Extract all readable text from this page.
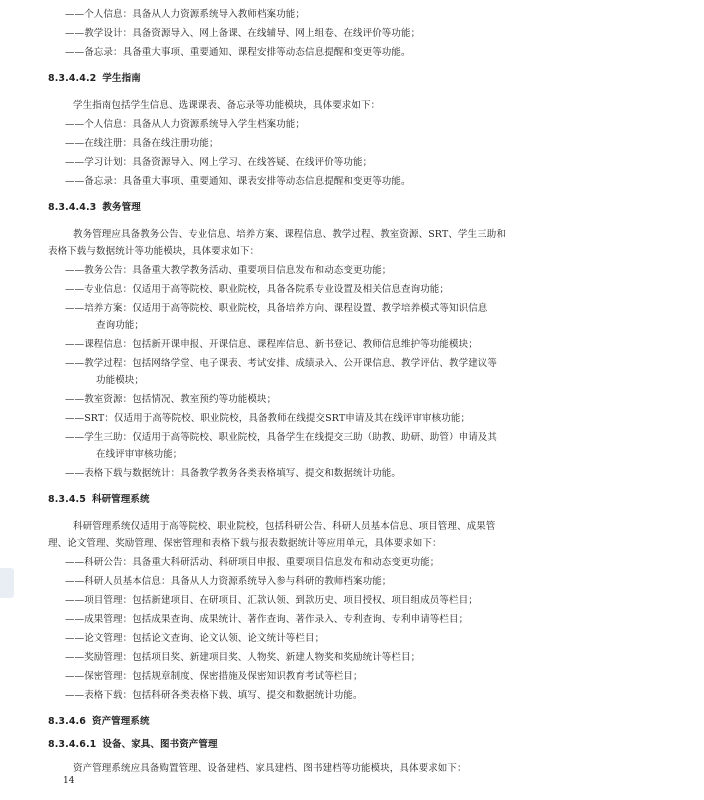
——个人信息：具备从人力资源系统导入教师档案功能；
——教学设计：具备资源导入、网上备课、在线辅导、网上组卷、在线评价等功能；
——备忘录：具备重大事项、重要通知、课程安排等动态信息提醒和变更等功能。
8.3.4.4.2 学生指南
学生指南包括学生信息、选课课表、备忘录等功能模块，具体要求如下：
——个人信息：具备从人力资源系统导入学生档案功能；
——在线注册：具备在线注册功能；
——学习计划：具备资源导入、网上学习、在线答疑、在线评价等功能；
——备忘录：具备重大事项、重要通知、课表安排等动态信息提醒和变更等功能。
8.3.4.4.3 教务管理
教务管理应具备教务公告、专业信息、培养方案、课程信息、教学过程、教室资源、SRT、学生三助和
表格下载与数据统计等功能模块，具体要求如下：
——教务公告：具备重大教学教务活动、重要项目信息发布和动态变更功能；
——专业信息：仅适用于高等院校、职业院校，具备各院系专业设置及相关信息查询功能；
——培养方案：仅适用于高等院校、职业院校，具备培养方向、课程设置、教学培养模式等知识信息
查询功能；
——课程信息：包括新开课申报、开课信息、课程库信息、新书登记、教师信息维护等功能模块；
——教学过程：包括网络学堂、电子课表、考试安排、成绩录入、公开课信息、教学评估、教学建议等
功能模块；
——教室资源：包括情况、教室预约等功能模块；
——SRT：仅适用于高等院校、职业院校，具备教师在线提交SRT申请及其在线评审审核功能；
——学生三助：仅适用于高等院校、职业院校，具备学生在线提交三助（助教、助研、助管）申请及其
在线评审审核功能；
——表格下载与数据统计：具备教学教务各类表格填写、提交和数据统计功能。
8.3.4.5 科研管理系统
科研管理系统仅适用于高等院校、职业院校，包括科研公告、科研人员基本信息、项目管理、成果管
理、论文管理、奖励管理、保密管理和表格下载与报表数据统计等应用单元，具体要求如下：
——科研公告：具备重大科研活动、科研项目申报、重要项目信息发布和动态变更功能；
——科研人员基本信息：具备从人力资源系统导入参与科研的教师档案功能；
——项目管理：包括新建项目、在研项目、汇款认领、到款历史、项目授权、项目组成员等栏目；
——成果管理：包括成果查询、成果统计、著作查询、著作录入、专利查询、专利申请等栏目；
——论文管理：包括论文查询、论文认领、论文统计等栏目；
——奖励管理：包括项目奖、新建项目奖、人物奖、新建人物奖和奖励统计等栏目；
——保密管理：包括规章制度、保密措施及保密知识教育考试等栏目；
——表格下载：包括科研各类表格下载、填写、提交和数据统计功能。
8.3.4.6 资产管理系统
8.3.4.6.1 设备、家具、图书资产管理
资产管理系统应具备购置管理、设备建档、家具建档、图书建档等功能模块，具体要求如下：
14
